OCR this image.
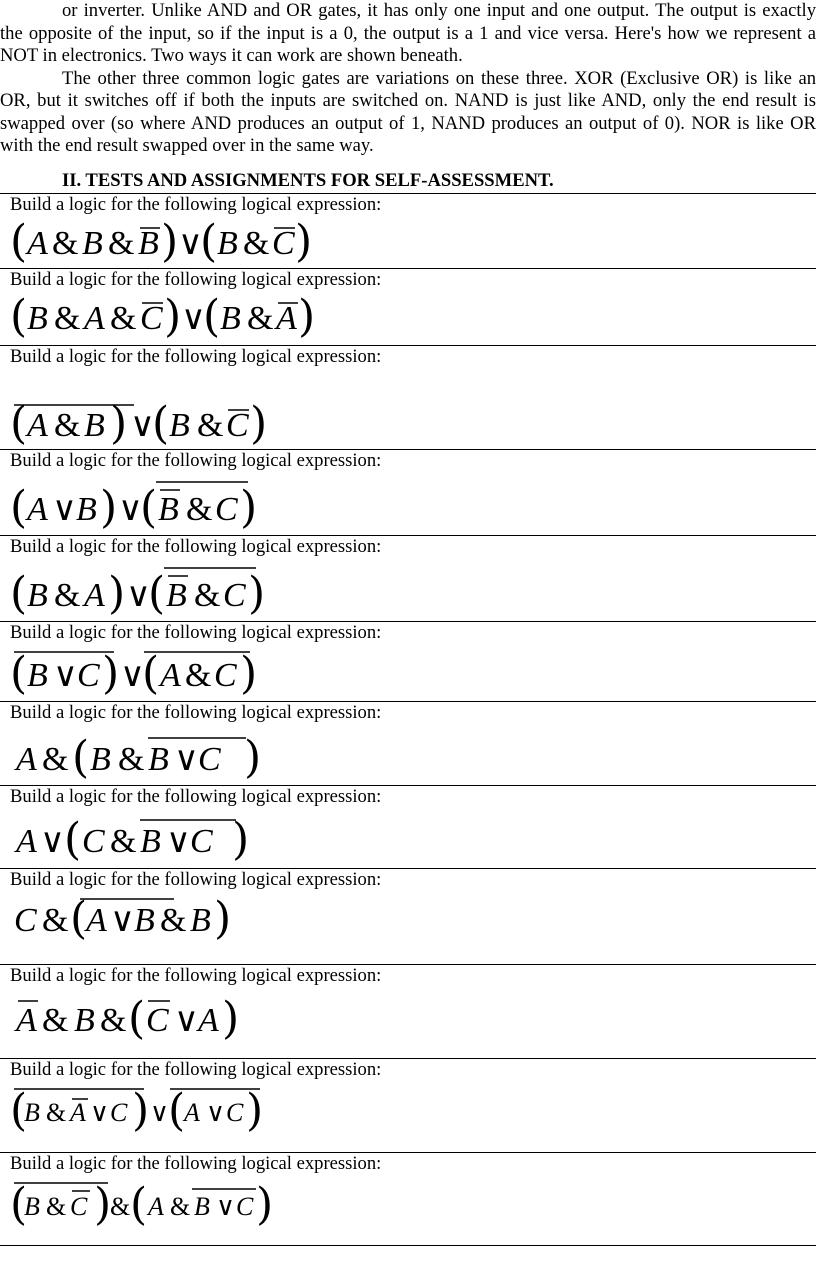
or inverter. Unlike AND and OR gates, it has only one input and one output. The output is exactly the opposite of the input, so if the input is a 0, the output is a 1 and vice versa. Here's how we represent a NOT in electronics. Two ways it can work are shown beneath.

The other three common logic gates are variations on these three. XOR (Exclusive OR) is like an OR, but it switches off if both the inputs are switched on. NAND is just like AND, only the end result is swapped over (so where AND produces an output of 1, NAND produces an output of 0). NOR is like OR with the end result swapped over in the same way.

II. TESTS AND ASSIGNMENTS FOR SELF-ASSESSMENT.
Build a logic for the following logical expression:
( A & B & B ) ∨
( B & C )

Build a logic for the following logical expression:
( B & A & C ) ∨
( B & A )

Build a logic for the following logical expression:
( A & B ) ∨
( B & C )

Build a logic for the following logical expression:
( A ∨ B ) ∨
( B & C )

Build a logic for the following logical expression:
( B & A ) ∨
( B & C )

Build a logic for the following logical expression:
( B ∨ C ) ∨
( A & C )

Build a logic for the following logical expression:
A & ( B & B ∨ C )

Build a logic for the following logical expression:
A ∨ ( C & B ∨ C )

Build a logic for the following logical expression:
C & (
A ∨ B & B )

Build a logic for the following logical expression:
A & B & ( C ∨ A )

Build a logic for the following logical expression:
(
B & A ∨ C ) ∨
(
A ∨ C )

Build a logic for the following logical expression:
(
B & C )
& ( A & B ∨ C )
